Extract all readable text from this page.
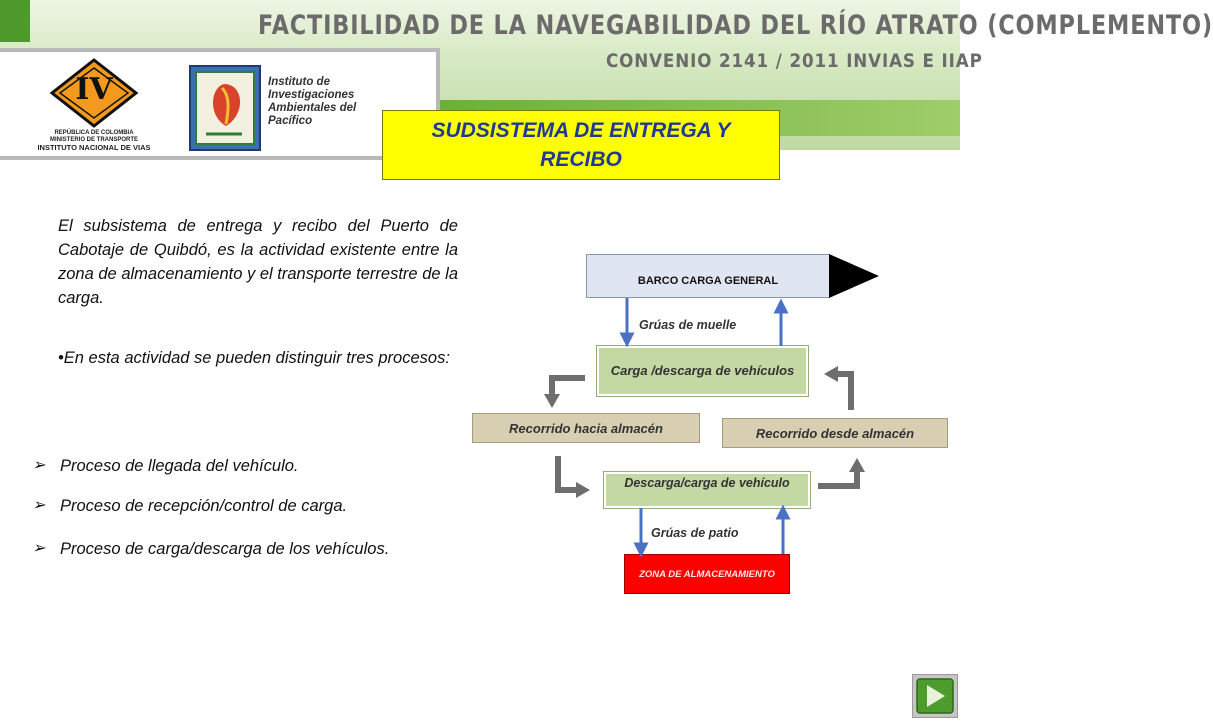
FACTIBILIDAD DE LA NAVEGABILIDAD DEL RÍO ATRATO (COMPLEMENTO)
CONVENIO 2141 / 2011 INVIAS E IIAP
IV
REPÚBLICA DE COLOMBIA
MINISTERIO DE TRANSPORTE
INSTITUTO NACIONAL DE VIAS
IIAP
Instituto de Investigaciones Ambientales del Pacífico	SUDSISTEMA DE ENTREGA Y RECIBO
El subsistema de entrega y recibo del Puerto de Cabotaje de Quibdó, es la actividad existente entre la zona de almacenamiento y el transporte terrestre de la carga.
•En esta actividad se pueden distinguir tres procesos:
➢ Proceso de llegada del vehículo.
➢ Proceso de recepción/control de carga.
➢ Proceso de carga/descarga de los vehículos.
BARCO CARGA GENERAL
Carga /descarga de vehículos
Recorrido hacia almacén	Recorrido desde almacén
Descarga/carga de vehículo
ZONA DE ALMACENAMIENTO
Grúas de muelle
Grúas de patio
